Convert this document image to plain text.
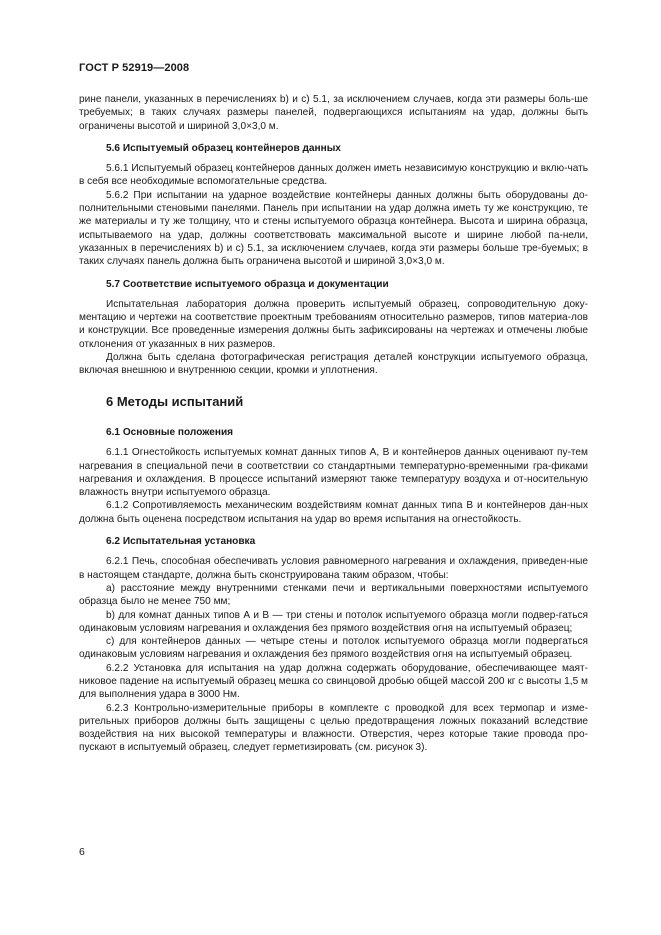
ГОСТ Р 52919—2008

рине панели, указанных в перечислениях b) и с) 5.1, за исключением случаев, когда эти размеры боль-ше требуемых; в таких случаях размеры панелей, подвергающихся испытаниям на удар, должны быть ограничены высотой и шириной 3,0×3,0 м.

5.6 Испытуемый образец контейнеров данных

5.6.1 Испытуемый образец контейнеров данных должен иметь независимую конструкцию и вклю-чать в себя все необходимые вспомогательные средства.

5.6.2 При испытании на ударное воздействие контейнеры данных должны быть оборудованы до-полнительными стеновыми панелями. Панель при испытании на удар должна иметь ту же конструкцию, те же материалы и ту же толщину, что и стены испытуемого образца контейнера. Высота и ширина образца, испытываемого на удар, должны соответствовать максимальной высоте и ширине любой па-нели, указанных в перечислениях b) и с) 5.1, за исключением случаев, когда эти размеры больше тре-буемых; в таких случаях панель должна быть ограничена высотой и шириной 3,0×3,0 м.

5.7 Соответствие испытуемого образца и документации

Испытательная лаборатория должна проверить испытуемый образец, сопроводительную доку-ментацию и чертежи на соответствие проектным требованиям относительно размеров, типов материа-лов и конструкции. Все проведенные измерения должны быть зафиксированы на чертежах и отмечены любые отклонения от указанных в них размеров.

Должна быть сделана фотографическая регистрация деталей конструкции испытуемого образца, включая внешнюю и внутреннюю секции, кромки и уплотнения.

6 Методы испытаний
6.1 Основные положения

6.1.1 Огнестойкость испытуемых комнат данных типов А, В и контейнеров данных оценивают пу-тем нагревания в специальной печи в соответствии со стандартными температурно-временными гра-фиками нагревания и охлаждения. В процессе испытаний измеряют также температуру воздуха и от-носительную влажность внутри испытуемого образца.

6.1.2 Сопротивляемость механическим воздействиям комнат данных типа В и контейнеров дан-ных должна быть оценена посредством испытания на удар во время испытания на огнестойкость.

6.2 Испытательная установка

6.2.1 Печь, способная обеспечивать условия равномерного нагревания и охлаждения, приведен-ные в настоящем стандарте, должна быть сконструирована таким образом, чтобы:

а) расстояние между внутренними стенками печи и вертикальными поверхностями испытуемого образца было не менее 750 мм;

b) для комнат данных типов А и В — три стены и потолок испытуемого образца могли подвер-гаться одинаковым условиям нагревания и охлаждения без прямого воздействия огня на испытуемый образец;

с) для контейнеров данных — четыре стены и потолок испытуемого образца могли подвергаться одинаковым условиям нагревания и охлаждения без прямого воздействия огня на испытуемый образец.

6.2.2 Установка для испытания на удар должна содержать оборудование, обеспечивающее маят-никовое падение на испытуемый образец мешка со свинцовой дробью общей массой 200 кг с высоты 1,5 м для выполнения удара в 3000 Нм.

6.2.3 Контрольно-измерительные приборы в комплекте с проводкой для всех термопар и изме-рительных приборов должны быть защищены с целью предотвращения ложных показаний вследствие воздействия на них высокой температуры и влажности. Отверстия, через которые такие провода про-пускают в испытуемый образец, следует герметизировать (см. рисунок 3).

6
